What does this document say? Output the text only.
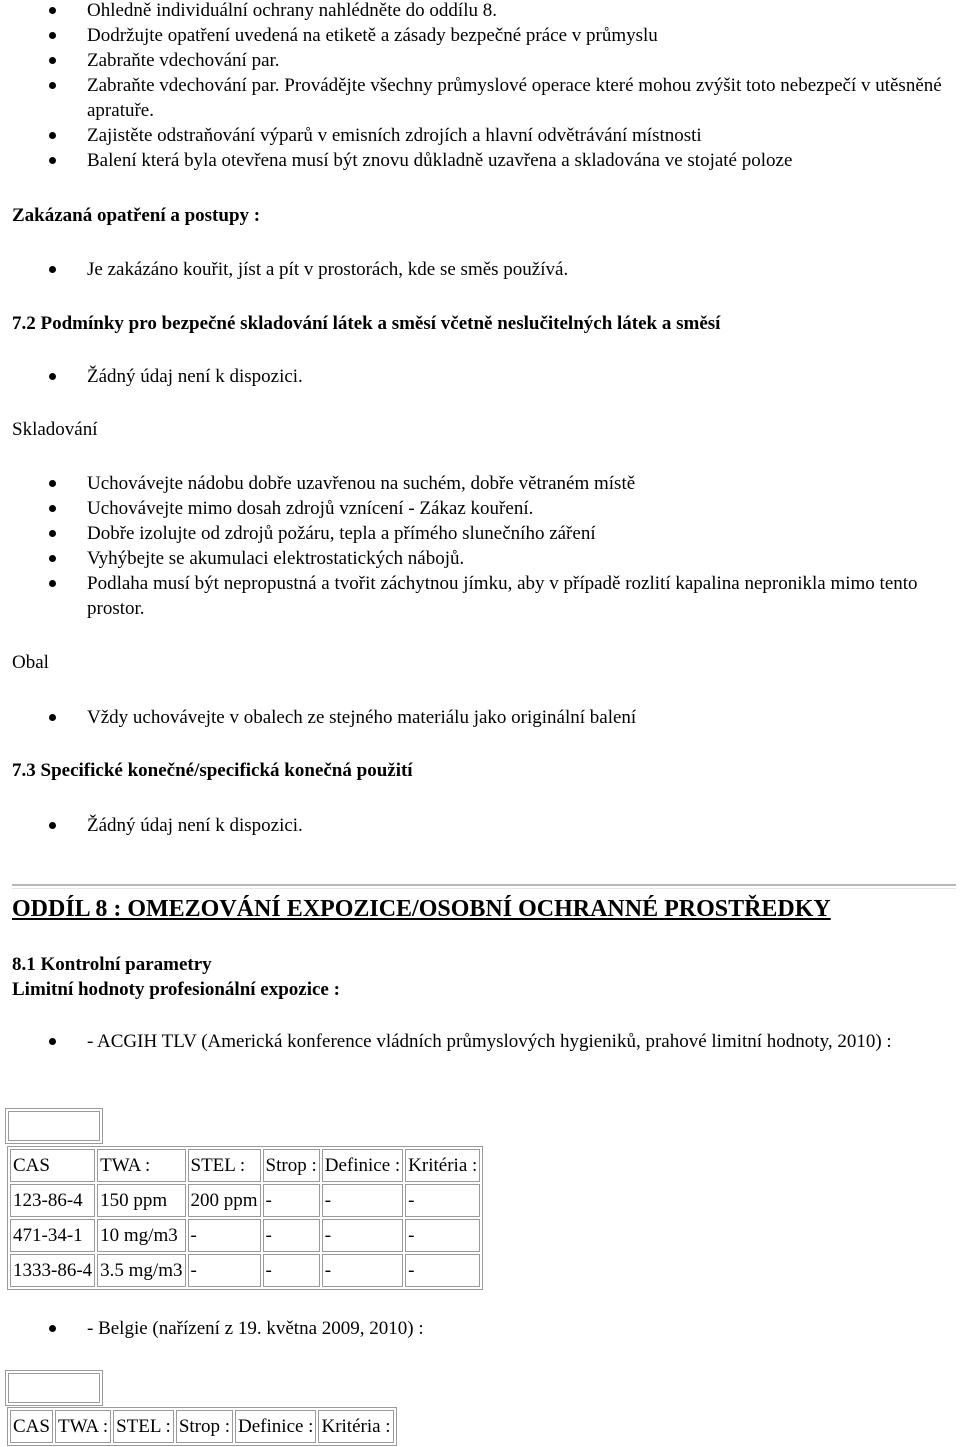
Ohledně individuální ochrany nahlédněte do oddílu 8.
Dodržujte opatření uvedená na etiketě a zásady bezpečné práce v průmyslu
Zabraňte vdechování par.
Zabraňte vdechování par. Provádějte všechny průmyslové operace které mohou zvýšit toto nebezpečí v utěsněné apratuře.
Zajistěte odstraňování výparů v emisních zdrojích a hlavní odvětrávání místnosti
Balení která byla otevřena musí být znovu důkladně uzavřena a skladována ve stojaté poloze

Zakázaná opatření a postupy :

Je zakázáno kouřit, jíst a pít v prostorách, kde se směs používá.

7.2 Podmínky pro bezpečné skladování látek a směsí včetně neslučitelných látek a směsí

Žádný údaj není k dispozici.

Skladování

Uchovávejte nádobu dobře uzavřenou na suchém, dobře větraném místě
Uchovávejte mimo dosah zdrojů vznícení - Zákaz kouření.
Dobře izolujte od zdrojů požáru, tepla a přímého slunečního záření
Vyhýbejte se akumulaci elektrostatických nábojů.
Podlaha musí být nepropustná a tvořit záchytnou jímku, aby v případě rozlití kapalina nepronikla mimo tento prostor.

Obal

Vždy uchovávejte v obalech ze stejného materiálu jako originální balení

7.3 Specifické konečné/specifická konečná použití

Žádný údaj není k dispozici.

ODDÍL 8 : OMEZOVÁNÍ EXPOZICE/OSOBNÍ OCHRANNÉ PROSTŘEDKY

8.1 Kontrolní parametry

Limitní hodnoty profesionální expozice :

- ACGIH TLV (Americká konference vládních průmyslových hygieniků, prahové limitní hodnoty, 2010) :
CAS	TWA :	STEL :	Strop :	Definice :	Kritéria :
123-86-4	150 ppm	200 ppm	-	-	-
471-34-1	10 mg/m3	-	-	-	-
1333-86-4	3.5 mg/m3	-	-	-	-
- Belgie (nařízení z 19. května 2009, 2010) :
CAS	TWA :	STEL :	Strop :	Definice :	Kritéria :
